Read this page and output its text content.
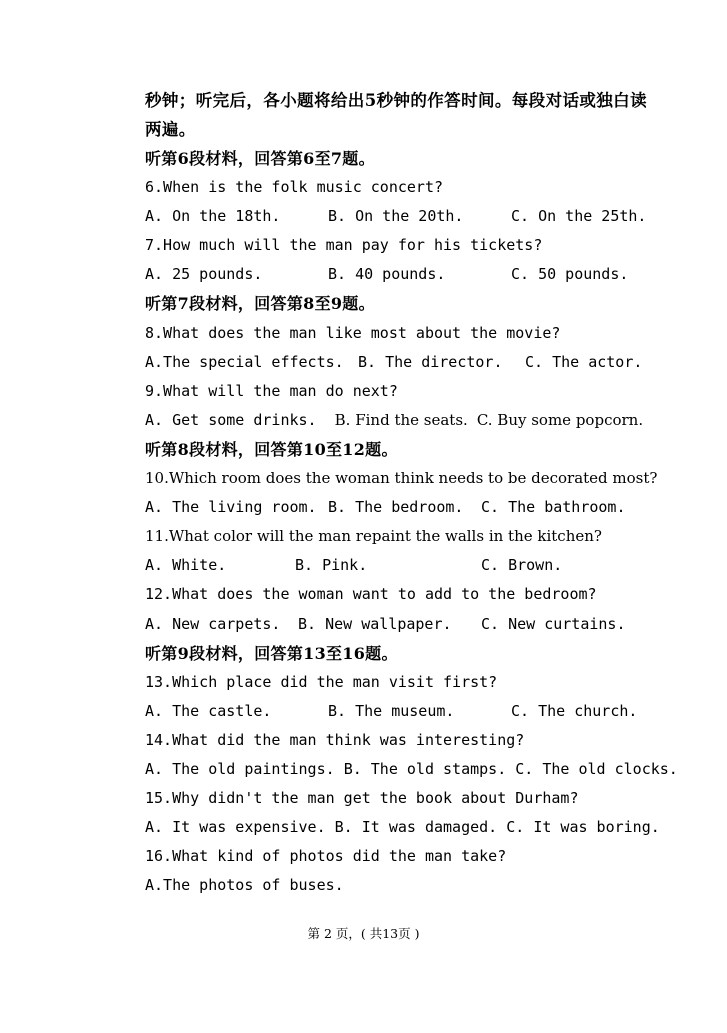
秒钟；听完后，各小题将给出5秒钟的作答时间。每段对话或独白读两遍。

听第6段材料，回答第6至7题。
6.When is the folk music concert?
A. On the 18th.	B. On the 20th.	C. On the 25th.
7.How much will the man pay for his tickets?
A. 25 pounds.	B. 40 pounds.	C. 50 pounds.
听第7段材料，回答第8至9题。
8.What does the man like most about the movie?
A.The special effects. B. The director. C. The actor.
9.What will the man do next?
A. Get some drinks. B. Find the seats. C. Buy some popcorn.
听第8段材料，回答第10至12题。
10.Which room does the woman think needs to be decorated most?
A. The living room. B. The bedroom. C. The bathroom.
11.What color will the man repaint the walls in the kitchen?
A. White.	B. Pink.	C. Brown.
12.What does the woman want to add to the bedroom?
A. New carpets. B. New wallpaper. C. New curtains.
听第9段材料，回答第13至16题。
13.Which place did the man visit first?
A. The castle.	B. The museum.	C. The church.
14.What did the man think was interesting?
A. The old paintings. B. The old stamps. C. The old clocks.
15.Why didn't the man get the book about Durham?
A. It was expensive. B. It was damaged. C. It was boring.
16.What kind of photos did the man take?
A.The photos of buses.
第 2 页，( 共13页 )
